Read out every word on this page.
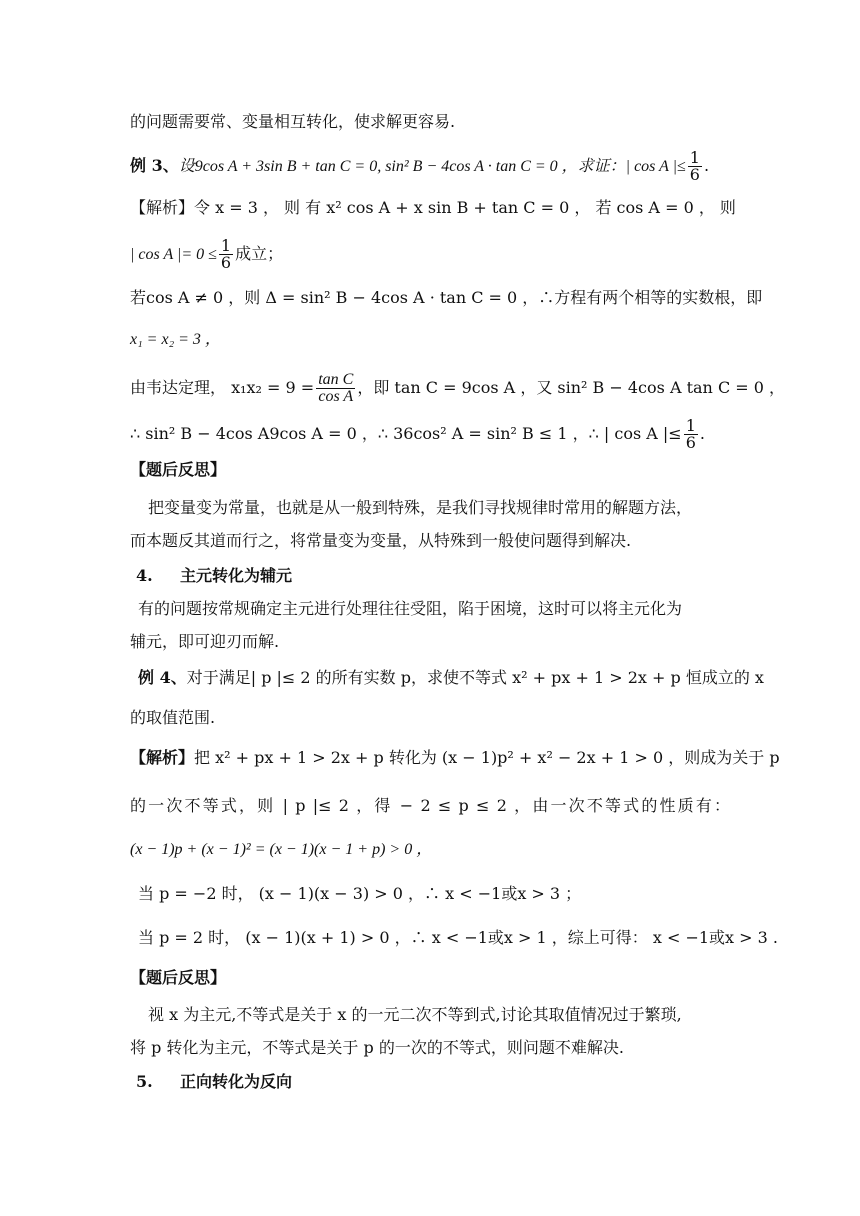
的问题需要常、变量相互转化，使求解更容易.
例 3、设9cos A + 3sin B + tan C = 0, sin² B − 4cos A · tan C = 0 ，求证：| cos A |≤ $\frac{1}{6}$ .
【解析】令 x = 3 ， 则 有 x² cos A + x sin B + tan C = 0 ， 若 cos A = 0 ， 则
| cos A |= $0 \le \frac{1}{6}$ 成立；
若cos A ≠ 0 ，则 Δ = sin² B − 4cos A · tan C = 0 ，∴方程有两个相等的实数根，即
x₁ = x₂ = 3 ，
由韦达定理， $x_1x_2 = 9 = \frac{\text{tan C}}{\text{cos A}}$ ，即 tan C = 9cos A ，又 sin² B − 4cos A tan C = 0 ，
∴ sin² B − 4cos A9cos A = 0 ，∴ 36cos² A = sin² B ≤ 1 ，∴ | cos A |≤ $\frac{1}{6}$ .
【题后反思】
把变量变为常量，也就是从一般到特殊，是我们寻找规律时常用的解题方法，
而本题反其道而行之，将常量变为变量，从特殊到一般使问题得到解决.
4. 主元转化为辅元
有的问题按常规确定主元进行处理往往受阻，陷于困境，这时可以将主元化为
辅元，即可迎刃而解.
例 4、对于满足| p |≤ 2 的所有实数 p，求使不等式 x² + px + 1 > 2x + p 恒成立的 x
的取值范围.
【解析】把 x² + px + 1 > 2x + p 转化为 (x − 1)p² + x² − 2x + 1 > 0 ，则成为关于 p
的一次不等式，则 | p |≤ 2 ，得 − 2 ≤ p ≤ 2 ，由一次不等式的性质有：
(x − 1)p + (x − 1)² = (x − 1)(x − 1 + p) > 0 ，
当 p = −2 时， (x − 1)(x − 3) > 0 ，∴ x < −1或x > 3 ；
当 p = 2 时， (x − 1)(x + 1) > 0 ，∴ x < −1或x > 1 ，综上可得： x < −1或x > 3 .
【题后反思】
视 x 为主元,不等式是关于 x 的一元二次不等到式,讨论其取值情况过于繁琐,
将 p 转化为主元，不等式是关于 p 的一次的不等式，则问题不难解决.
5. 正向转化为反向
